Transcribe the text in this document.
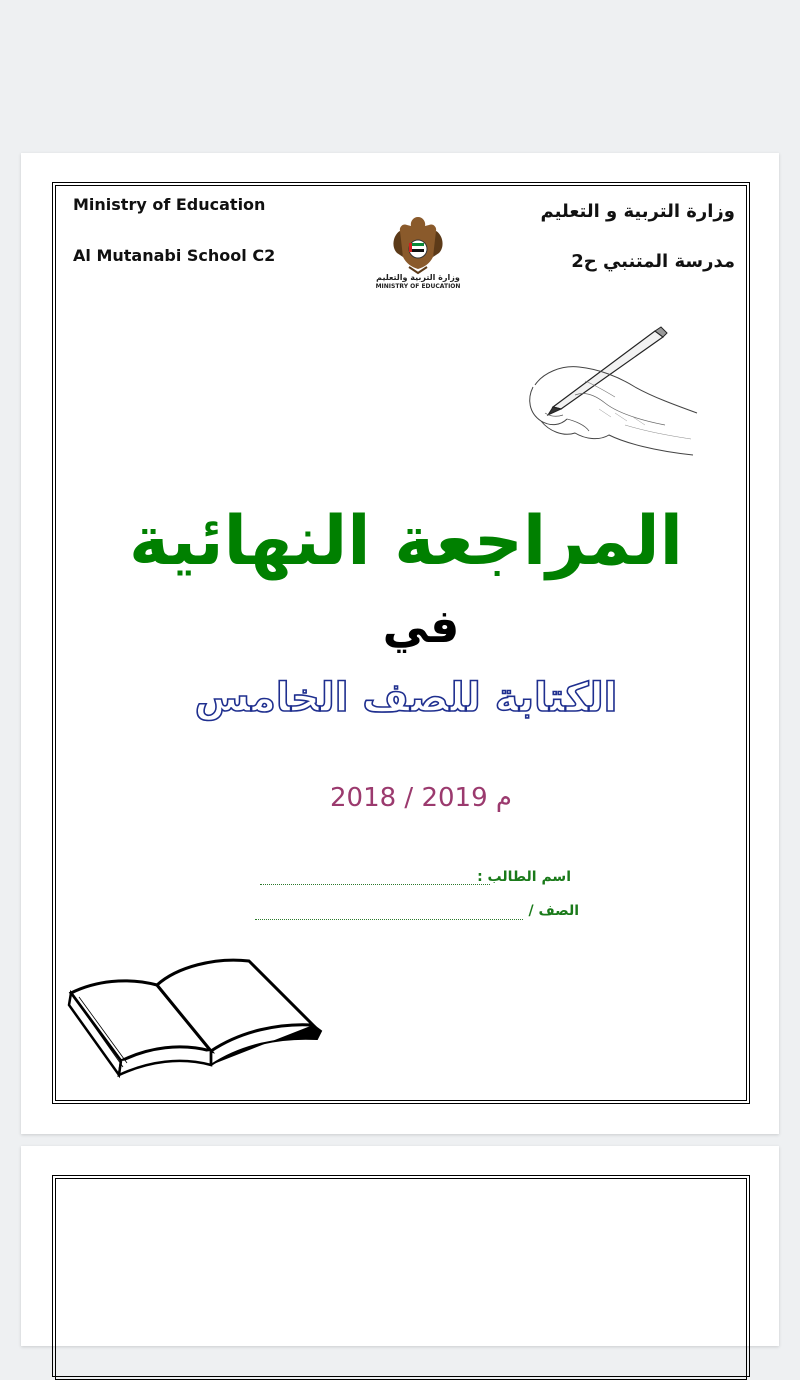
Ministry of Education
Al Mutanabi School C2
وزارة التربية و التعليم
مدرسة المتنبي ح2
وزارة التربية والتعليم
MINISTRY OF EDUCATION
المراجعة النهائية
في
الكتابة للصف الخامس
2018 / 2019 م
اسم الطالب :
الصف /
